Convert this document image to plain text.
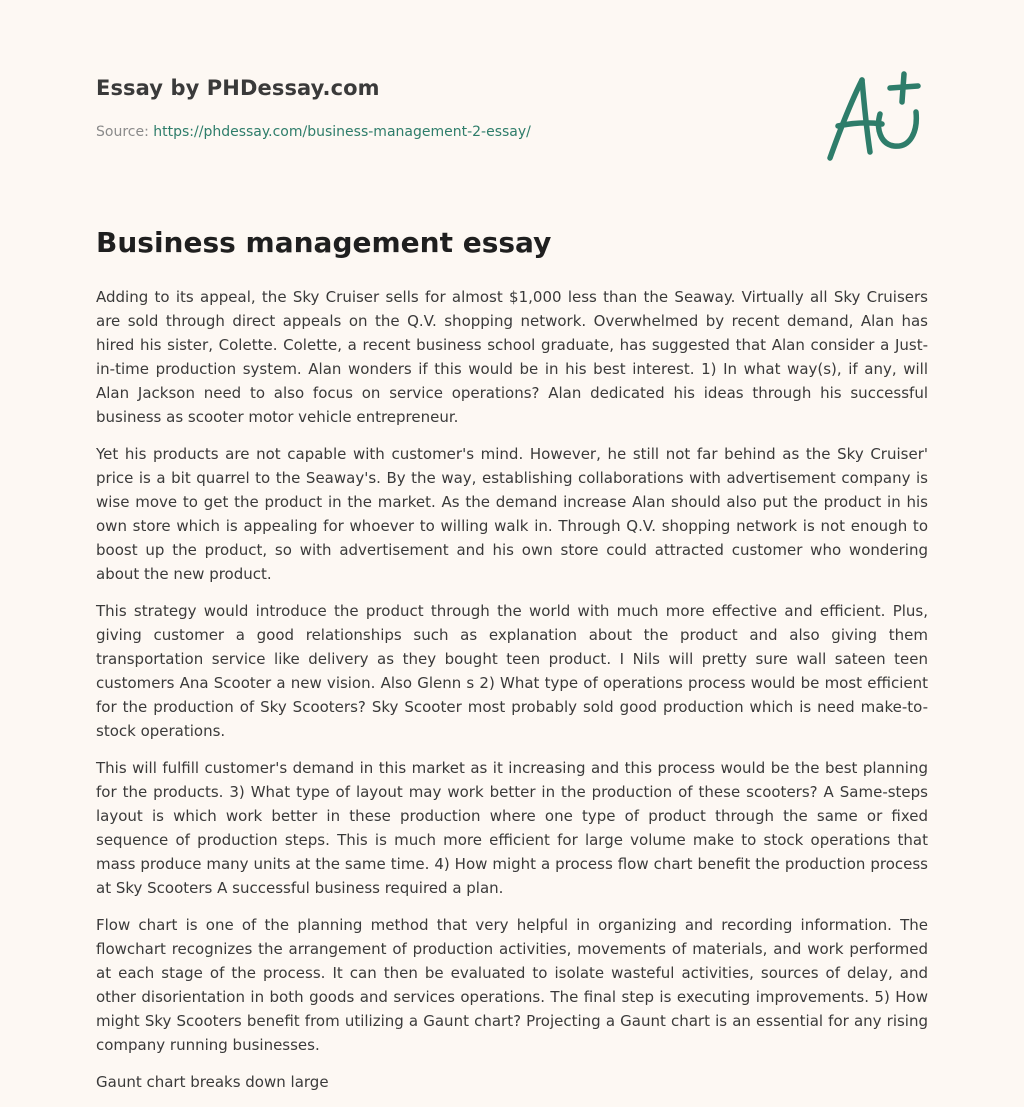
Essay by PHDessay.com
Source: https://phdessay.com/business-management-2-essay/
Business management essay

Adding to its appeal, the Sky Cruiser sells for almost $1,000 less than the Seaway. Virtually all Sky Cruisers are sold through direct appeals on the Q.V. shopping network. Overwhelmed by recent demand, Alan has hired his sister, Colette. Colette, a recent business school graduate, has suggested that Alan consider a Just-in-time production system. Alan wonders if this would be in his best interest. 1) In what way(s), if any, will Alan Jackson need to also focus on service operations? Alan dedicated his ideas through his successful business as scooter motor vehicle entrepreneur.

Yet his products are not capable with customer's mind. However, he still not far behind as the Sky Cruiser' price is a bit quarrel to the Seaway's. By the way, establishing collaborations with advertisement company is wise move to get the product in the market. As the demand increase Alan should also put the product in his own store which is appealing for whoever to willing walk in. Through Q.V. shopping network is not enough to boost up the product, so with advertisement and his own store could attracted customer who wondering about the new product.

This strategy would introduce the product through the world with much more effective and efficient. Plus, giving customer a good relationships such as explanation about the product and also giving them transportation service like delivery as they bought teen product. I Nils will pretty sure wall sateen teen customers Ana Scooter a new vision. Also Glenn s 2) What type of operations process would be most efficient for the production of Sky Scooters? Sky Scooter most probably sold good production which is need make-to-stock operations.

This will fulfill customer's demand in this market as it increasing and this process would be the best planning for the products. 3) What type of layout may work better in the production of these scooters? A Same-steps layout is which work better in these production where one type of product through the same or fixed sequence of production steps. This is much more efficient for large volume make to stock operations that mass produce many units at the same time. 4) How might a process flow chart benefit the production process at Sky Scooters A successful business required a plan.

Flow chart is one of the planning method that very helpful in organizing and recording information. The flowchart recognizes the arrangement of production activities, movements of materials, and work performed at each stage of the process. It can then be evaluated to isolate wasteful activities, sources of delay, and other disorientation in both goods and services operations. The final step is executing improvements. 5) How might Sky Scooters benefit from utilizing a Gaunt chart? Projecting a Gaunt chart is an essential for any rising company running businesses.

Gaunt chart breaks down large
